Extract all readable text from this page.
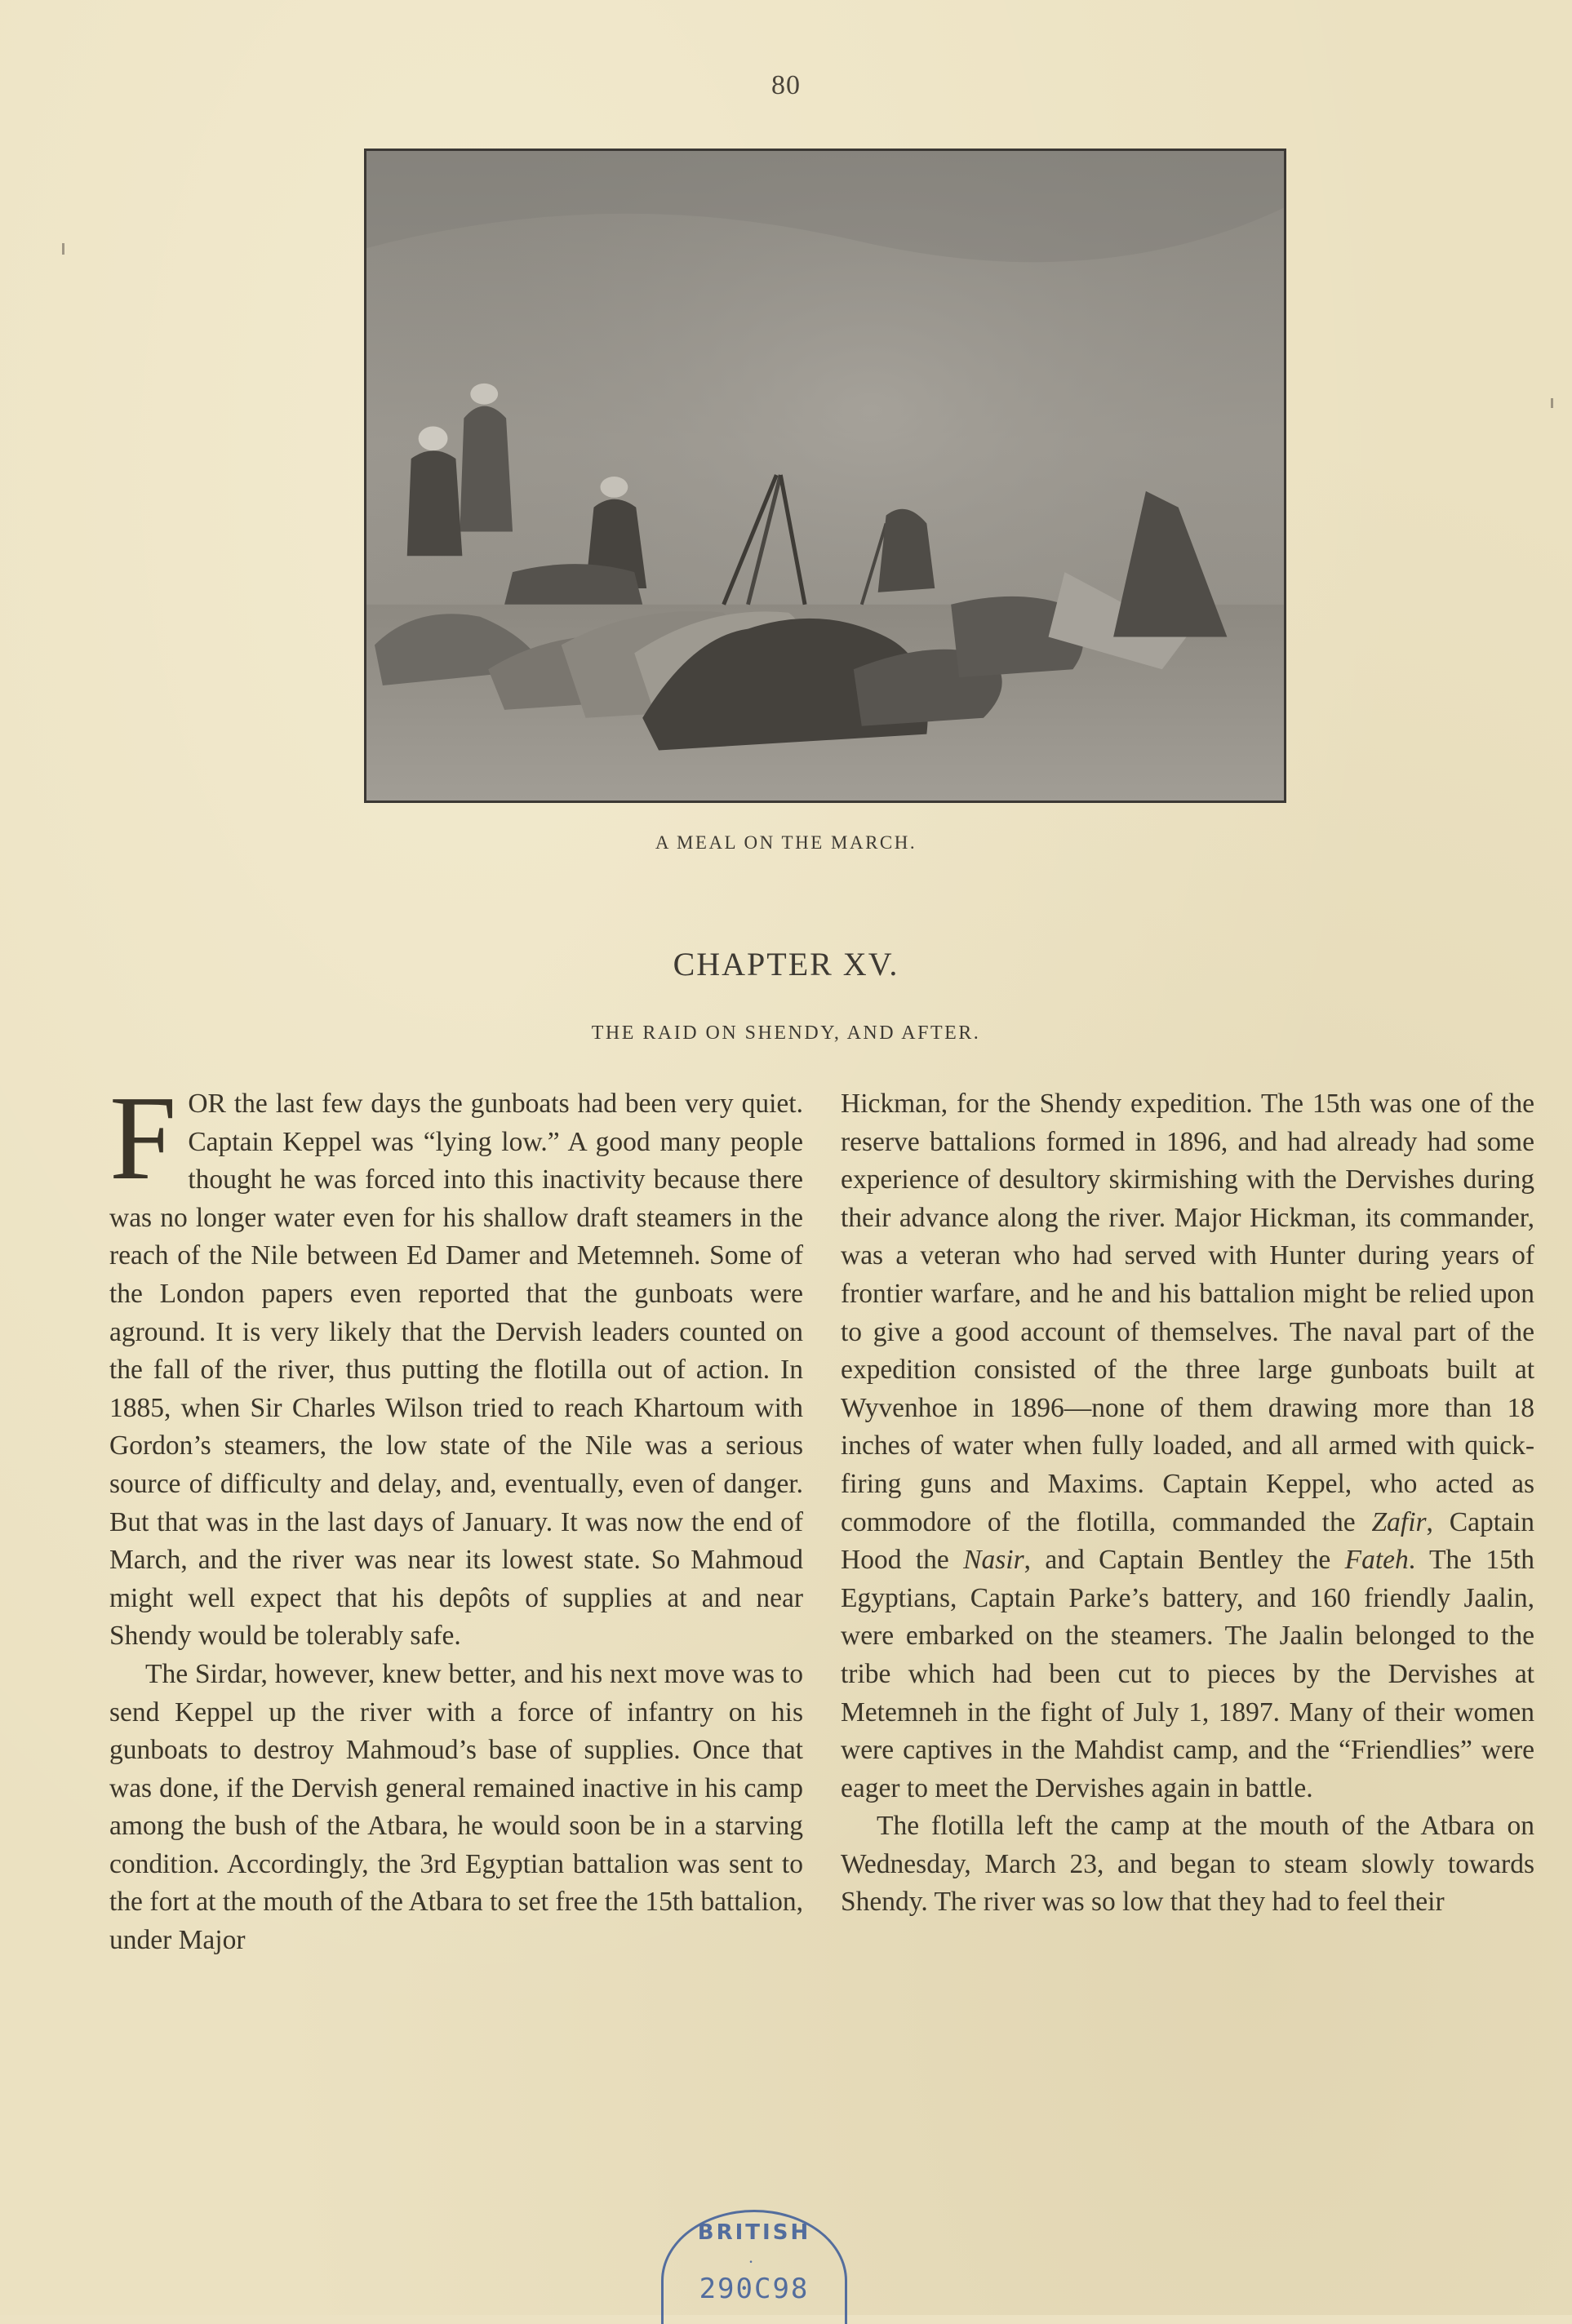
80
A MEAL ON THE MARCH.
CHAPTER XV.
THE RAID ON SHENDY, AND AFTER.

FOR the last few days the gunboats had been very quiet. Captain Keppel was “lying low.” A good many people thought he was forced into this inactivity because there was no longer water even for his shallow draft steamers in the reach of the Nile between Ed Damer and Metemneh. Some of the London papers even reported that the gunboats were aground. It is very likely that the Dervish leaders counted on the fall of the river, thus putting the flotilla out of action. In 1885, when Sir Charles Wilson tried to reach Khartoum with Gordon’s steamers, the low state of the Nile was a serious source of difficulty and delay, and, eventually, even of danger. But that was in the last days of January. It was now the end of March, and the river was near its lowest state. So Mahmoud might well expect that his depôts of supplies at and near Shendy would be tolerably safe.

The Sirdar, however, knew better, and his next move was to send Keppel up the river with a force of infantry on his gunboats to destroy Mahmoud’s base of supplies. Once that was done, if the Dervish general remained inactive in his camp among the bush of the Atbara, he would soon be in a starving condition. Accordingly, the 3rd Egyptian battalion was sent to the fort at the mouth of the Atbara to set free the 15th battalion, under Major

Hickman, for the Shendy expedition. The 15th was one of the reserve battalions formed in 1896, and had already had some experience of desultory skirmishing with the Dervishes during their advance along the river. Major Hickman, its commander, was a veteran who had served with Hunter during years of frontier warfare, and he and his battalion might be relied upon to give a good account of themselves. The naval part of the expedition consisted of the three large gunboats built at Wyvenhoe in 1896—none of them drawing more than 18 inches of water when fully loaded, and all armed with quick-firing guns and Maxims. Captain Keppel, who acted as commodore of the flotilla, commanded the Zafir, Captain Hood the Nasir, and Captain Bentley the Fateh. The 15th Egyptians, Captain Parke’s battery, and 160 friendly Jaalin, were embarked on the steamers. The Jaalin belonged to the tribe which had been cut to pieces by the Dervishes at Metemneh in the fight of July 1, 1897. Many of their women were captives in the Mahdist camp, and the “Friendlies” were eager to meet the Dervishes again in battle.

The flotilla left the camp at the mouth of the Atbara on Wednesday, March 23, and began to steam slowly towards Shendy. The river was so low that they had to feel their

BRITISH
·
290C98
